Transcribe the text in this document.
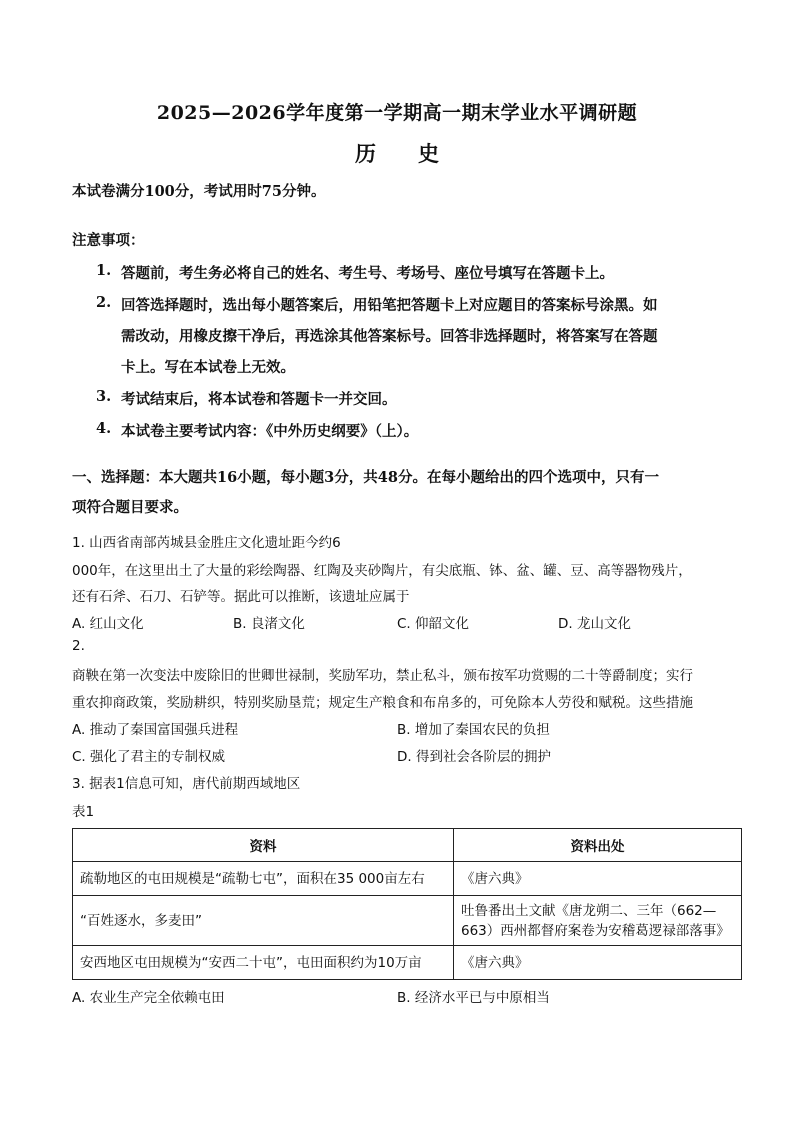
2025—2026学年度第一学期高一期末学业水平调研题
历　　史
本试卷满分100分，考试用时75分钟。
注意事项：
1. 答题前，考生务必将自己的姓名、考生号、考场号、座位号填写在答题卡上。
2. 回答选择题时，选出每小题答案后，用铅笔把答题卡上对应题目的答案标号涂黑。如
需改动，用橡皮擦干净后，再选涂其他答案标号。回答非选择题时，将答案写在答题
卡上。写在本试卷上无效。
3. 考试结束后，将本试卷和答题卡一并交回。
4. 本试卷主要考试内容：《中外历史纲要》（上）。
一、选择题：本大题共16小题，每小题3分，共48分。在每小题给出的四个选项中，只有一
项符合题目要求。
1. 山西省南部芮城县金胜庄文化遗址距今约6
000年，在这里出土了大量的彩绘陶器、红陶及夹砂陶片，有尖底瓶、钵、盆、罐、豆、高等器物残片，
还有石斧、石刀、石铲等。据此可以推断，该遗址应属于
A. 红山文化	B. 良渚文化	C. 仰韶文化	D. 龙山文化
2.
商鞅在第一次变法中废除旧的世卿世禄制，奖励军功，禁止私斗，颁布按军功赏赐的二十等爵制度；实行
重农抑商政策，奖励耕织，特别奖励垦荒；规定生产粮食和布帛多的，可免除本人劳役和赋税。这些措施
A. 推动了秦国富国强兵进程	B. 增加了秦国农民的负担
C. 强化了君主的专制权威	D. 得到社会各阶层的拥护
3. 据表1信息可知，唐代前期西域地区
表1
资料	资料出处
疏勒地区的屯田规模是“疏勒七屯”，面积在35 000亩左右	《唐六典》

“百姓逐水，多麦田”	吐鲁番出土文献《唐龙朔二、三年（662—
663）西州都督府案卷为安稽葛逻禄部落事》

安西地区屯田规模为“安西二十屯”，屯田面积约为10万亩	《唐六典》
A. 农业生产完全依赖屯田	B. 经济水平已与中原相当
